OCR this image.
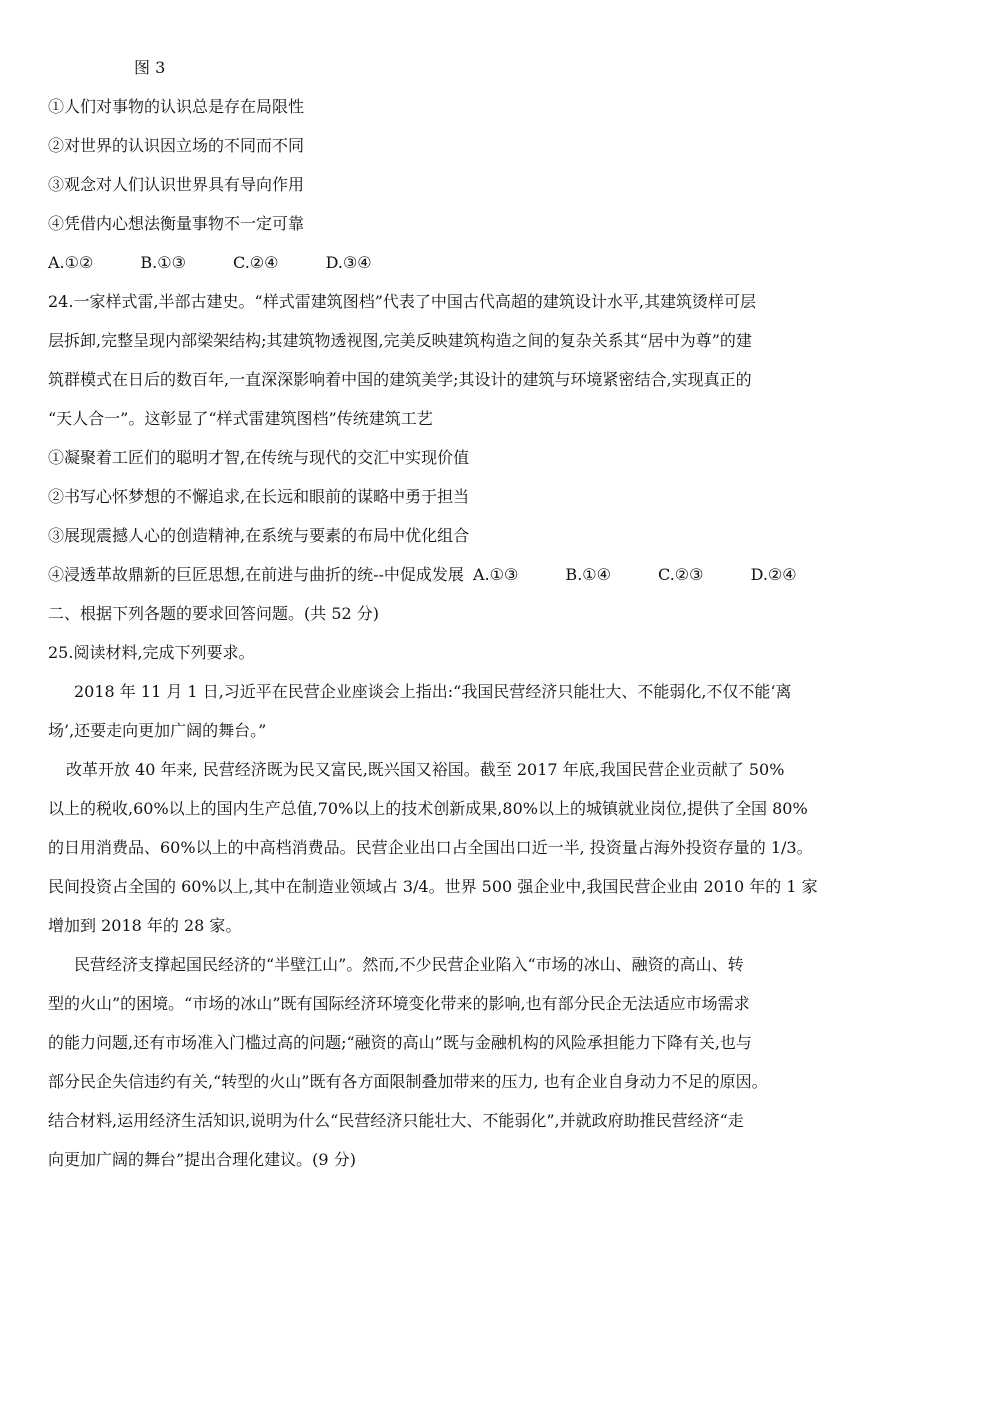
图 3
①人们对事物的认识总是存在局限性
②对世界的认识因立场的不同而不同
③观念对人们认识世界具有导向作用
④凭借内心想法衡量事物不一定可靠
A.①②	B.①③	C.②④	D.③④
24.一家样式雷,半部古建史。“样式雷建筑图档”代表了中国古代高超的建筑设计水平,其建筑烫样可层
层拆卸,完整呈现内部梁架结构;其建筑物透视图,完美反映建筑构造之间的复杂关系其“居中为尊”的建
筑群模式在日后的数百年,一直深深影响着中国的建筑美学;其设计的建筑与环境紧密结合,实现真正的
“天人合一”。这彰显了“样式雷建筑图档”传统建筑工艺
①凝聚着工匠们的聪明才智,在传统与现代的交汇中实现价值
②书写心怀梦想的不懈追求,在长远和眼前的谋略中勇于担当
③展现震撼人心的创造精神,在系统与要素的布局中优化组合
④浸透革故鼎新的巨匠思想,在前进与曲折的统--中促成发展 A.①③	B.①④	C.②③	D.②④
二、根据下列各题的要求回答问题。(共 52 分)
25.阅读材料,完成下列要求。
2018 年 11 月 1 日,习近平在民营企业座谈会上指出:“我国民营经济只能壮大、不能弱化,不仅不能‘离
场’,还要走向更加广阔的舞台。”
改革开放 40 年来, 民营经济既为民又富民,既兴国又裕国。截至 2017 年底,我国民营企业贡献了 50%
以上的税收,60%以上的国内生产总值,70%以上的技术创新成果,80%以上的城镇就业岗位,提供了全国 80%
的日用消费品、60%以上的中高档消费品。民营企业出口占全国出口近一半, 投资量占海外投资存量的 1/3。
民间投资占全国的 60%以上,其中在制造业领域占 3/4。世界 500 强企业中,我国民营企业由 2010 年的 1 家
增加到 2018 年的 28 家。
民营经济支撑起国民经济的“半壁江山”。然而,不少民营企业陷入“市场的冰山、融资的高山、转
型的火山”的困境。“市场的冰山”既有国际经济环境变化带来的影响,也有部分民企无法适应市场需求
的能力问题,还有市场准入门槛过高的问题;“融资的高山”既与金融机构的风险承担能力下降有关,也与
部分民企失信违约有关,“转型的火山”既有各方面限制叠加带来的压力, 也有企业自身动力不足的原因。
结合材料,运用经济生活知识,说明为什么“民营经济只能壮大、不能弱化”,并就政府助推民营经济“走
向更加广阔的舞台”提出合理化建议。(9 分)
